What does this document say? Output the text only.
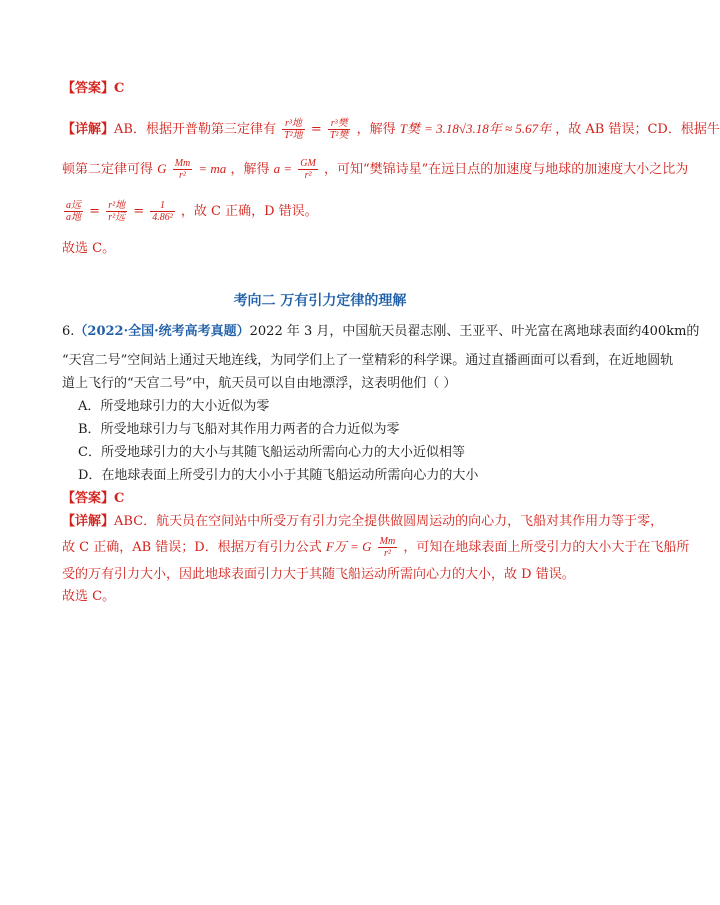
【答案】C
【详解】AB．根据开普勒第三定律有 $\frac{\text{r³地}}{\text{T²地}} = \frac{\text{r³樊}}{\text{T²樊}}$ ，解得 T樊 = 3.18√3.18年 ≈ 5.67年 ，故 AB 错误；CD．根据牛
顿第二定律可得 G $\frac{Mm}{\text{r²}}$ = ma ，解得 $a = \frac{GM}{\text{r²}}$ ，可知“樊锦诗星”在远日点的加速度与地球的加速度大小之比为
$\frac{\text{a远}}{\text{a地}} = \frac{\text{r²地}}{\text{r²远}} = \frac{1}{\text{4.86²}}$ ，故 C 正确，D 错误。
故选 C。
考向二 万有引力定律的理解
6.（2022·全国·统考高考真题）2022 年 3 月，中国航天员翟志刚、王亚平、叶光富在离地球表面约400km的
“天宫二号”空间站上通过天地连线，为同学们上了一堂精彩的科学课。通过直播画面可以看到，在近地圆轨
道上飞行的“天宫二号”中，航天员可以自由地漂浮，这表明他们（ ）
A．所受地球引力的大小近似为零
B．所受地球引力与飞船对其作用力两者的合力近似为零
C．所受地球引力的大小与其随飞船运动所需向心力的大小近似相等
D．在地球表面上所受引力的大小小于其随飞船运动所需向心力的大小
【答案】C
【详解】ABC．航天员在空间站中所受万有引力完全提供做圆周运动的向心力，飞船对其作用力等于零，
故 C 正确，AB 错误；D．根据万有引力公式 F万 = G $\frac{Mm}{\text{r²}}$ ，可知在地球表面上所受引力的大小大于在飞船所
受的万有引力大小，因此地球表面引力大于其随飞船运动所需向心力的大小，故 D 错误。
故选 C。
